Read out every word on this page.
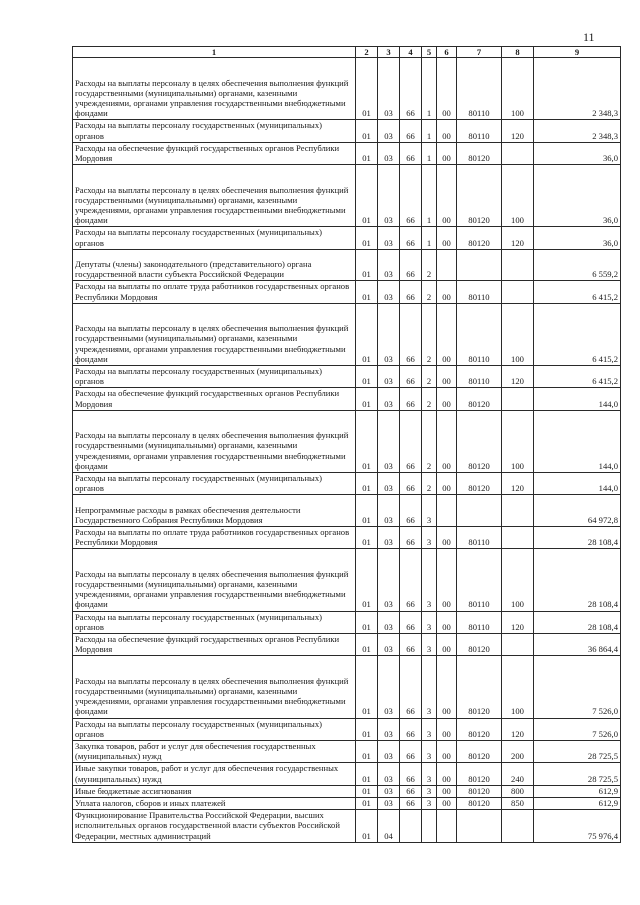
11
1	2	3	4	5	6	7	8	9
Расходы на выплаты персоналу в целях обеспечения выполнения функций государственными (муниципальными) органами, казенными учреждениями, органами управления государственными внебюджетными фондами	01	03	66	1	00	80110	100	2 348,3
Расходы на выплаты персоналу государственных (муниципальных) органов	01	03	66	1	00	80110	120	2 348,3
Расходы на обеспечение функций государственных органов Республики Мордовия	01	03	66	1	00	80120		36,0
Расходы на выплаты персоналу в целях обеспечения выполнения функций государственными (муниципальными) органами, казенными учреждениями, органами управления государственными внебюджетными фондами	01	03	66	1	00	80120	100	36,0
Расходы на выплаты персоналу государственных (муниципальных) органов	01	03	66	1	00	80120	120	36,0
Депутаты (члены) законодательного (представительного) органа государственной власти субъекта Российской Федерации	01	03	66	2				6 559,2
Расходы на выплаты по оплате труда работников государственных органов Республики Мордовия	01	03	66	2	00	80110		6 415,2
Расходы на выплаты персоналу в целях обеспечения выполнения функций государственными (муниципальными) органами, казенными учреждениями, органами управления государственными внебюджетными фондами	01	03	66	2	00	80110	100	6 415,2
Расходы на выплаты персоналу государственных (муниципальных) органов	01	03	66	2	00	80110	120	6 415,2
Расходы на обеспечение функций государственных органов Республики Мордовия	01	03	66	2	00	80120		144,0
Расходы на выплаты персоналу в целях обеспечения выполнения функций государственными (муниципальными) органами, казенными учреждениями, органами управления государственными внебюджетными фондами	01	03	66	2	00	80120	100	144,0
Расходы на выплаты персоналу государственных (муниципальных) органов	01	03	66	2	00	80120	120	144,0
Непрограммные расходы в рамках обеспечения деятельности Государственного Собрания Республики Мордовия	01	03	66	3				64 972,8
Расходы на выплаты по оплате труда работников государственных органов Республики Мордовия	01	03	66	3	00	80110		28 108,4
Расходы на выплаты персоналу в целях обеспечения выполнения функций государственными (муниципальными) органами, казенными учреждениями, органами управления государственными внебюджетными фондами	01	03	66	3	00	80110	100	28 108,4
Расходы на выплаты персоналу государственных (муниципальных) органов	01	03	66	3	00	80110	120	28 108,4
Расходы на обеспечение функций государственных органов Республики Мордовия	01	03	66	3	00	80120		36 864,4
Расходы на выплаты персоналу в целях обеспечения выполнения функций государственными (муниципальными) органами, казенными учреждениями, органами управления государственными внебюджетными фондами	01	03	66	3	00	80120	100	7 526,0
Расходы на выплаты персоналу государственных (муниципальных) органов	01	03	66	3	00	80120	120	7 526,0
Закупка товаров, работ и услуг для обеспечения государственных (муниципальных) нужд	01	03	66	3	00	80120	200	28 725,5
Иные закупки товаров, работ и услуг для обеспечения государственных (муниципальных) нужд	01	03	66	3	00	80120	240	28 725,5
Иные бюджетные ассигнования	01	03	66	3	00	80120	800	612,9
Уплата налогов, сборов и иных платежей	01	03	66	3	00	80120	850	612,9
Функционирование Правительства Российской Федерации, высших исполнительных органов государственной власти субъектов Российской Федерации, местных администраций	01	04						75 976,4
